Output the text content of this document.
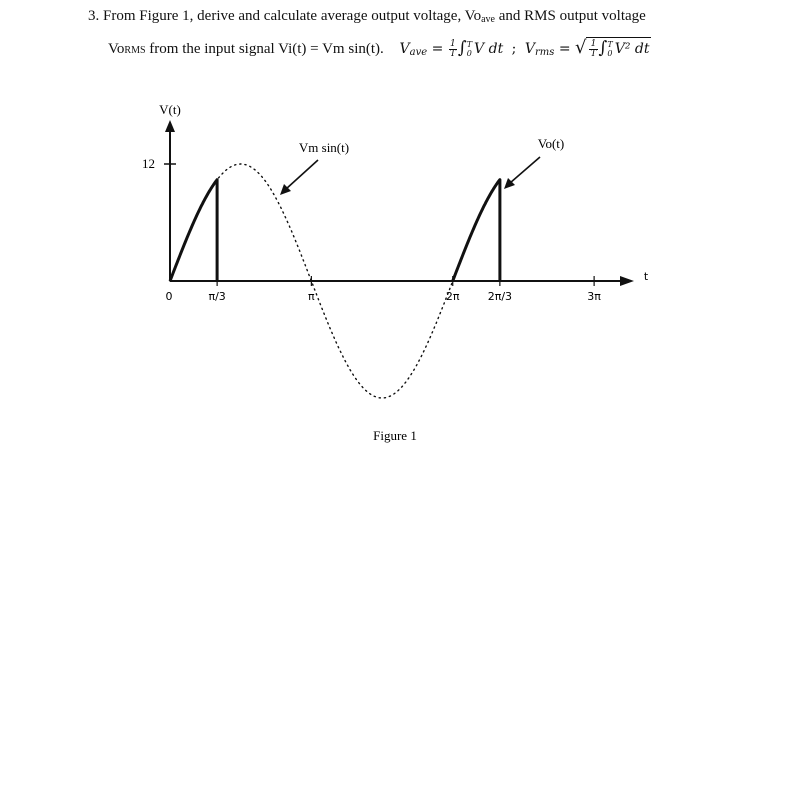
3. From Figure 1, derive and calculate average output voltage, $Vo_{ave}$ and RMS output voltage
VoRMS from the input signal Vi(t) = Vm sin(t). $V_{ave} = \frac{1}{T}$ ∫ T
0 V dt ; $V_{rms}$ = √ $\frac{1}{T}$ ∫ T
0 V² dt
12
0	π/3	π	2π	2π/3	3π
V(t)
t
Vm sin(t)	Vo(t)
Figure 1
